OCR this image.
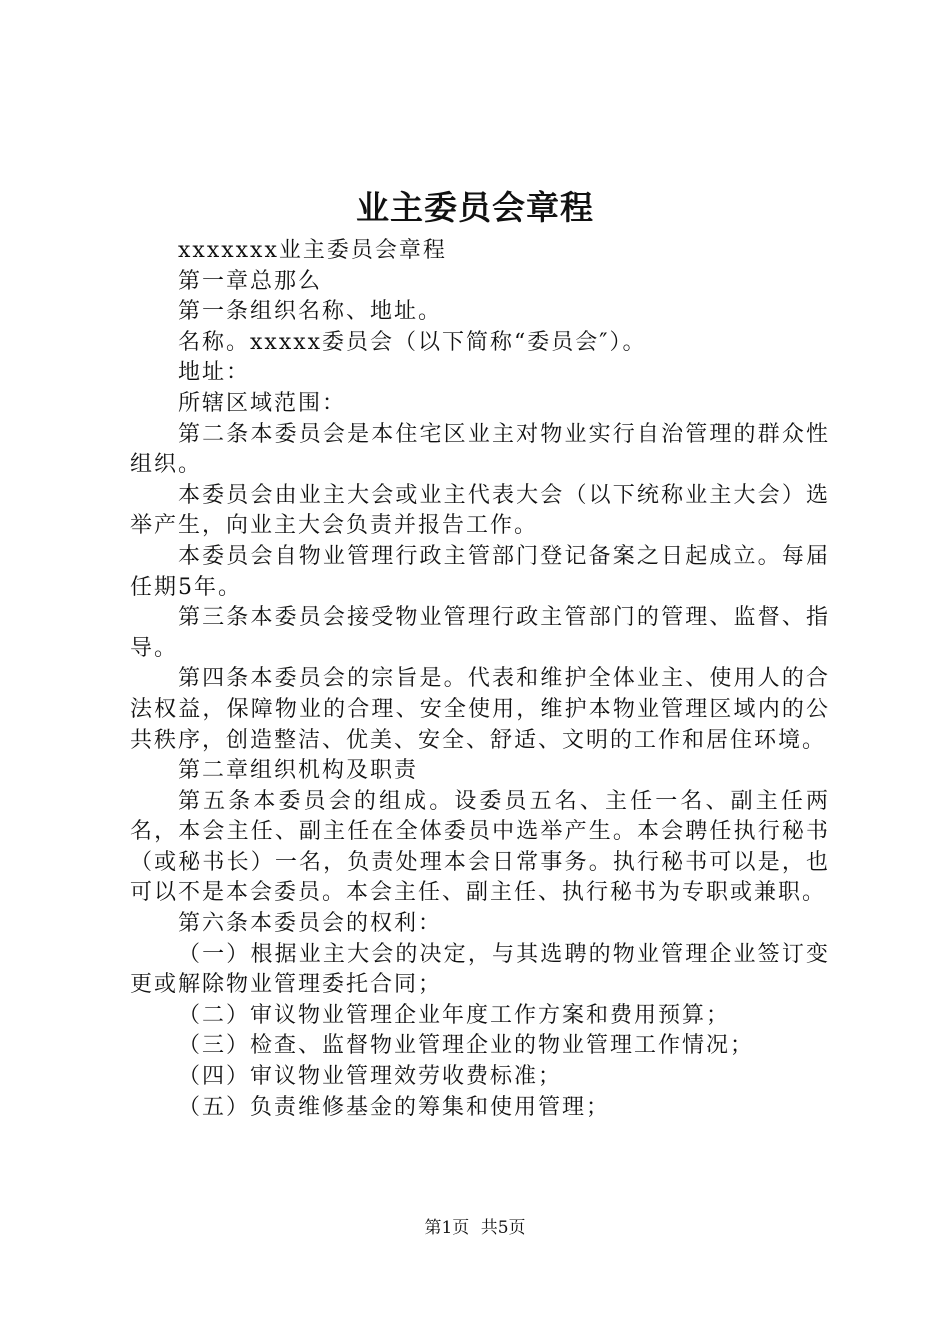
业主委员会章程

xxxxxxx业主委员会章程

第一章总那么

第一条组织名称、地址。

名称。xxxxx委员会（以下简称“委员会″）。

地址：

所辖区域范围：

第二条本委员会是本住宅区业主对物业实行自治管理的群众性组织。

本委员会由业主大会或业主代表大会（以下统称业主大会）选举产生，向业主大会负责并报告工作。

本委员会自物业管理行政主管部门登记备案之日起成立。每届任期5年。

第三条本委员会接受物业管理行政主管部门的管理、监督、指导。

第四条本委员会的宗旨是。代表和维护全体业主、使用人的合法权益，保障物业的合理、安全使用，维护本物业管理区域内的公共秩序，创造整洁、优美、安全、舒适、文明的工作和居住环境。

第二章组织机构及职责

第五条本委员会的组成。设委员五名、主任一名、副主任两名，本会主任、副主任在全体委员中选举产生。本会聘任执行秘书（或秘书长）一名，负责处理本会日常事务。执行秘书可以是，也可以不是本会委员。本会主任、副主任、执行秘书为专职或兼职。

第六条本委员会的权利：

（一）根据业主大会的决定，与其选聘的物业管理企业签订变更或解除物业管理委托合同；

（二）审议物业管理企业年度工作方案和费用预算；

（三）检查、监督物业管理企业的物业管理工作情况；

（四）审议物业管理效劳收费标准；

（五）负责维修基金的筹集和使用管理；

第1页 共5页
